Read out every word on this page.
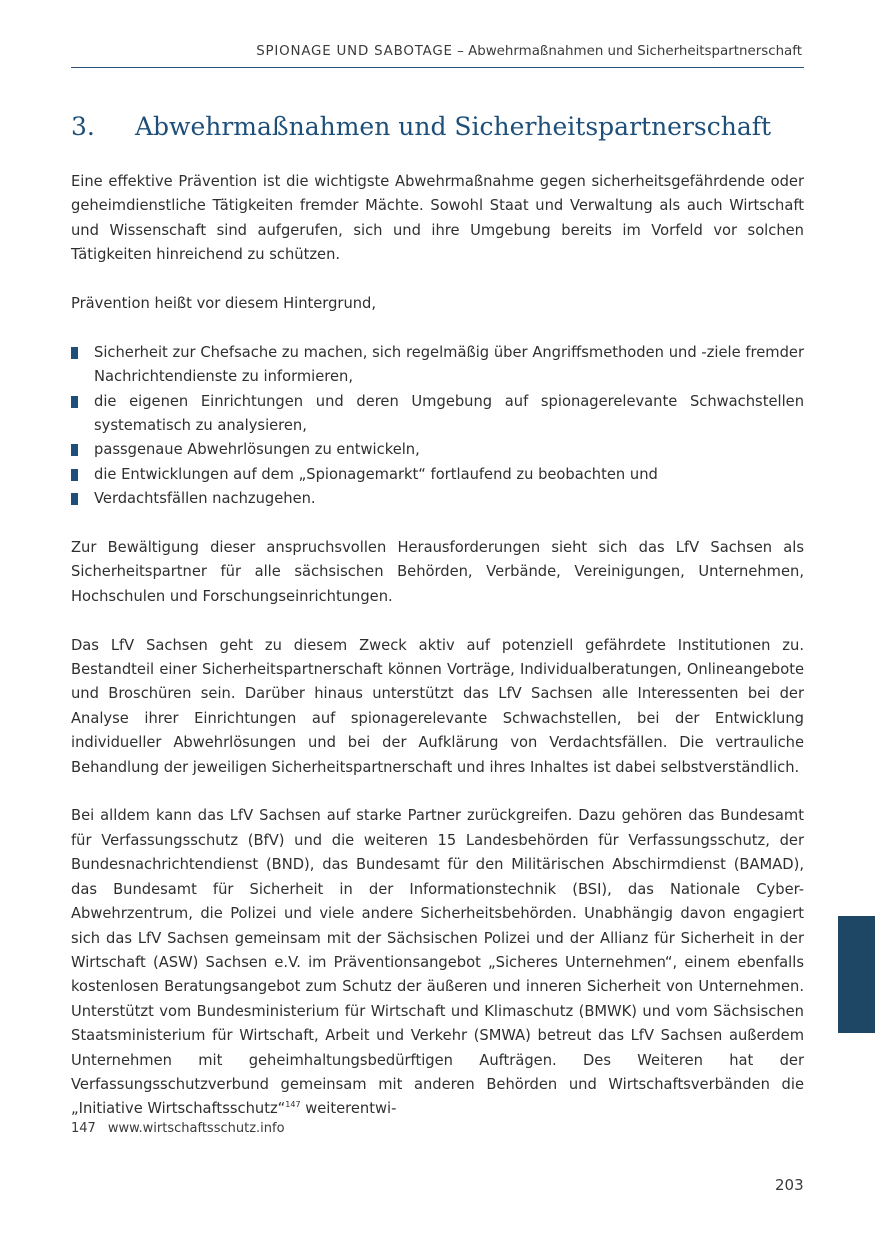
SPIONAGE UND SABOTAGE – Abwehrmaßnahmen und Sicherheitspartnerschaft
3. Abwehrmaßnahmen und Sicherheitspartnerschaft

Eine effektive Prävention ist die wichtigste Abwehrmaßnahme gegen sicherheitsgefährdende oder geheimdienstliche Tätigkeiten fremder Mächte. Sowohl Staat und Verwaltung als auch Wirtschaft und Wissenschaft sind aufgerufen, sich und ihre Umgebung bereits im Vorfeld vor solchen Tätigkeiten hinreichend zu schützen.

Prävention heißt vor diesem Hintergrund,

Sicherheit zur Chefsache zu machen, sich regelmäßig über Angriffsmethoden und -ziele fremder Nachrichtendienste zu informieren,
die eigenen Einrichtungen und deren Umgebung auf spionagerelevante Schwachstellen systematisch zu analysieren,
passgenaue Abwehrlösungen zu entwickeln,
die Entwicklungen auf dem „Spionagemarkt“ fortlaufend zu beobachten und
Verdachtsfällen nachzugehen.

Zur Bewältigung dieser anspruchsvollen Herausforderungen sieht sich das LfV Sachsen als Sicherheitspartner für alle sächsischen Behörden, Verbände, Vereinigungen, Unternehmen, Hochschulen und Forschungseinrichtungen.

Das LfV Sachsen geht zu diesem Zweck aktiv auf potenziell gefährdete Institutionen zu. Bestandteil einer Sicherheitspartnerschaft können Vorträge, Individualberatungen, Onlineangebote und Broschüren sein. Darüber hinaus unterstützt das LfV Sachsen alle Interessenten bei der Analyse ihrer Einrichtungen auf spionagerelevante Schwachstellen, bei der Entwicklung individueller Abwehrlösungen und bei der Aufklärung von Verdachtsfällen. Die vertrauliche Behandlung der jeweiligen Sicherheitspartnerschaft und ihres Inhaltes ist dabei selbstverständlich.

Bei alldem kann das LfV Sachsen auf starke Partner zurückgreifen. Dazu gehören das Bundesamt für Verfassungsschutz (BfV) und die weiteren 15 Landesbehörden für Verfassungsschutz, der Bundesnachrichtendienst (BND), das Bundesamt für den Militärischen Abschirmdienst (BAMAD), das Bundesamt für Sicherheit in der Informationstechnik (BSI), das Nationale Cyber-Abwehrzentrum, die Polizei und viele andere Sicherheitsbehörden. Unabhängig davon engagiert sich das LfV Sachsen gemeinsam mit der Sächsischen Polizei und der Allianz für Sicherheit in der Wirtschaft (ASW) Sachsen e.V. im Präventionsangebot „Sicheres Unternehmen“, einem ebenfalls kostenlosen Beratungsangebot zum Schutz der äußeren und inneren Sicherheit von Unternehmen. Unterstützt vom Bundesministerium für Wirtschaft und Klimaschutz (BMWK) und vom Sächsischen Staatsministerium für Wirtschaft, Arbeit und Verkehr (SMWA) betreut das LfV Sachsen außerdem Unternehmen mit geheimhaltungsbedürftigen Aufträgen. Des Weiteren hat der Verfassungsschutzverbund gemeinsam mit anderen Behörden und Wirtschaftsverbänden die „Initiative Wirtschaftsschutz“$^{147}$ weiterentwi-

147 www.wirtschaftsschutz.info
203
